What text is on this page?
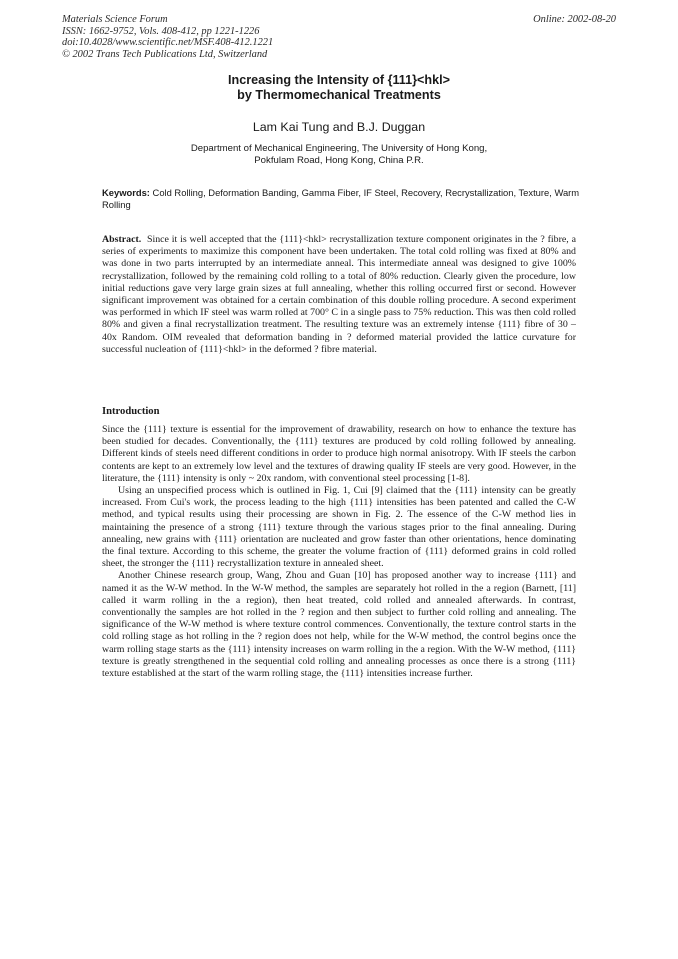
Materials Science Forum
ISSN: 1662-9752, Vols. 408-412, pp 1221-1226
doi:10.4028/www.scientific.net/MSF.408-412.1221
© 2002 Trans Tech Publications Ltd, Switzerland
Online: 2002-08-20
Increasing the Intensity of {111}<hkl>
by Thermomechanical Treatments
Lam Kai Tung and B.J. Duggan
Department of Mechanical Engineering, The University of Hong Kong,
Pokfulam Road, Hong Kong, China P.R.
Keywords: Cold Rolling, Deformation Banding, Gamma Fiber, IF Steel, Recovery, Recrystallization, Texture, Warm Rolling
Abstract. Since it is well accepted that the {111}<hkl> recrystallization texture component originates in the ? fibre, a series of experiments to maximize this component have been undertaken. The total cold rolling was fixed at 80% and was done in two parts interrupted by an intermediate anneal. This intermediate anneal was designed to give 100% recrystallization, followed by the remaining cold rolling to a total of 80% reduction. Clearly given the procedure, low initial reductions gave very large grain sizes at full annealing, whether this rolling occurred first or second. However significant improvement was obtained for a certain combination of this double rolling procedure. A second experiment was performed in which IF steel was warm rolled at 700° C in a single pass to 75% reduction. This was then cold rolled 80% and given a final recrystallization treatment. The resulting texture was an extremely intense {111} fibre of 30 – 40x Random. OIM revealed that deformation banding in ? deformed material provided the lattice curvature for successful nucleation of {111}<hkl> in the deformed ? fibre material.
Introduction

Since the {111} texture is essential for the improvement of drawability, research on how to enhance the texture has been studied for decades. Conventionally, the {111} textures are produced by cold rolling followed by annealing. Different kinds of steels need different conditions in order to produce high normal anisotropy. With IF steels the carbon contents are kept to an extremely low level and the textures of drawing quality IF steels are very good. However, in the literature, the {111} intensity is only ~ 20x random, with conventional steel processing [1-8].

Using an unspecified process which is outlined in Fig. 1, Cui [9] claimed that the {111} intensity can be greatly increased. From Cui's work, the process leading to the high {111} intensities has been patented and called the C-W method, and typical results using their processing are shown in Fig. 2. The essence of the C-W method lies in maintaining the presence of a strong {111} texture through the various stages prior to the final annealing. During annealing, new grains with {111} orientation are nucleated and grow faster than other orientations, hence dominating the final texture. According to this scheme, the greater the volume fraction of {111} deformed grains in cold rolled sheet, the stronger the {111} recrystallization texture in annealed sheet.

Another Chinese research group, Wang, Zhou and Guan [10] has proposed another way to increase {111} and named it as the W-W method. In the W-W method, the samples are separately hot rolled in the a region (Barnett, [11] called it warm rolling in the a region), then heat treated, cold rolled and annealed afterwards. In contrast, conventionally the samples are hot rolled in the ? region and then subject to further cold rolling and annealing. The significance of the W-W method is where texture control commences. Conventionally, the texture control starts in the cold rolling stage as hot rolling in the ? region does not help, while for the W-W method, the control begins once the warm rolling stage starts as the {111} intensity increases on warm rolling in the a region. With the W-W method, {111} texture is greatly strengthened in the sequential cold rolling and annealing processes as once there is a strong {111} texture established at the start of the warm rolling stage, the {111} intensities increase further.
